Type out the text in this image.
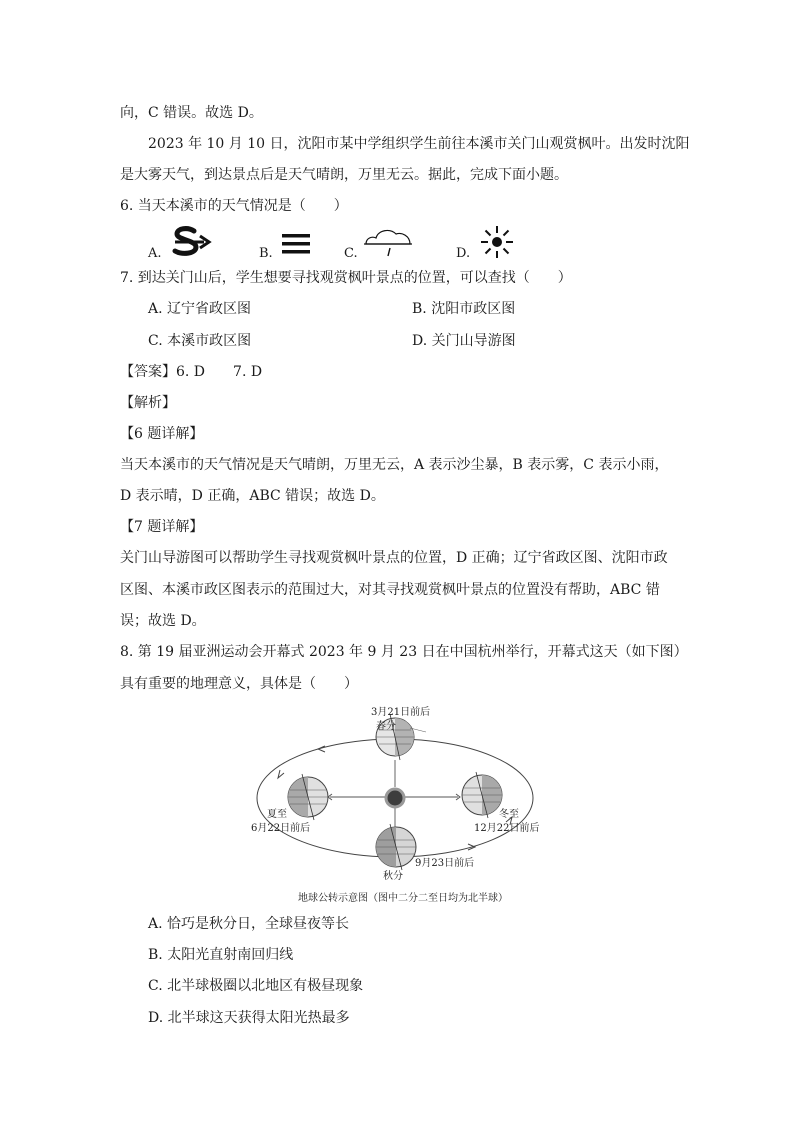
向，C 错误。故选 D。
2023 年 10 月 10 日，沈阳市某中学组织学生前往本溪市关门山观赏枫叶。出发时沈阳
是大雾天气，到达景点后是天气晴朗，万里无云。据此，完成下面小题。
6. 当天本溪市的天气情况是（　　）
A.	B.	C.	D.
7. 到达关门山后，学生想要寻找观赏枫叶景点的位置，可以查找（　　）
A. 辽宁省政区图	B. 沈阳市政区图
C. 本溪市政区图	D. 关门山导游图
【答案】6. D　　7. D
【解析】
【6 题详解】
当天本溪市的天气情况是天气晴朗，万里无云，A 表示沙尘暴，B 表示雾，C 表示小雨，
D 表示晴，D 正确，ABC 错误；故选 D。
【7 题详解】
关门山导游图可以帮助学生寻找观赏枫叶景点的位置，D 正确；辽宁省政区图、沈阳市政
区图、本溪市政区图表示的范围过大，对其寻找观赏枫叶景点的位置没有帮助，ABC 错
误；故选 D。
8. 第 19 届亚洲运动会开幕式 2023 年 9 月 23 日在中国杭州举行，开幕式这天（如下图）
具有重要的地理意义，具体是（　　）
3月21日前后
春分
夏至
6月22日前后
冬至
12月22日前后
9月23日前后
秋分
地球公转示意图（图中二分二至日均为北半球）
A. 恰巧是秋分日，全球昼夜等长
B. 太阳光直射南回归线
C. 北半球极圈以北地区有极昼现象
D. 北半球这天获得太阳光热最多
